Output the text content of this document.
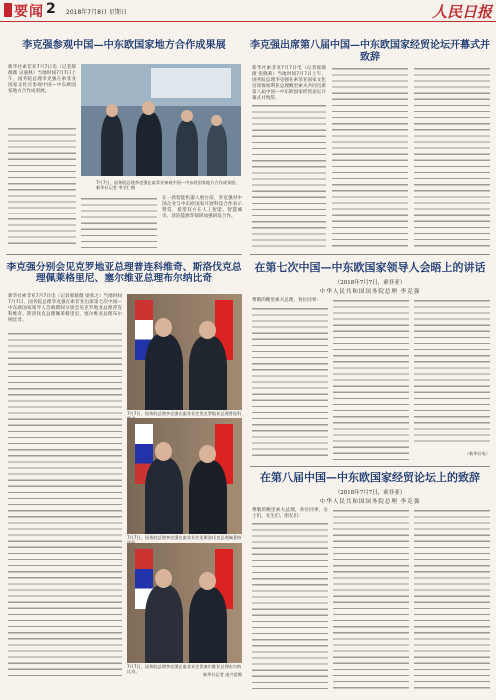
要闻 2 2018年7月8日 星期日	人民日报
李克强参观中国—中东欧国家地方合作成果展
新华社索非亚7月7日电（记者郝薇薇 吴嘉林）当地时间7月7日上午，国务院总理李克强在索菲亚国家文化宫参观中国—中东欧国家地方合作成果展。
7月7日，国务院总理李克强在索菲亚参观中国—中东欧国家地方合作成果展。 新华社记者 李学仁摄
在一款智能机器人展台前，李克强对中国企业与中东欧国家开展科技合作表示赞赏，希望双方在人工智能、智慧城市、清洁能源等领域加强研发合作。
李克强出席第八届中国—中东欧国家经贸论坛开幕式并致辞
新华社索非亚7月7日电（记者郝薇薇 张晓莉）当地时间7月7日上午，国务院总理李克强在索菲亚国家文化宫同保加利亚总理鲍里索夫共同出席第八届中国—中东欧国家经贸论坛开幕式并致辞。
李克强分别会见克罗地亚总理普连科维奇、斯洛伐克总理佩莱格里尼、塞尔维亚总理布尔纳比奇
新华社索非亚7月7日电（记者郝薇薇 梁希之）当地时间7月7日，国务院总理李克强在索非亚出席第七次中国—中东欧国家领导人会晤期间分别会见克罗地亚总理普连科维奇、斯洛伐克总理佩莱格里尼、塞尔维亚总理布尔纳比奇。
7月7日，国务院总理李克强在索非亚会见克罗地亚总理普连科
7月7日，国务院总理李克强在索非亚会见斯洛伐克总理佩莱格
7月7日，国务院总理李克强在索非亚会见塞尔维亚总理布尔纳比奇。
新华社记者 庞兴雷摄
在第七次中国—中东欧国家领导人会晤上的讲话
（2018年7月7日，索非亚）
中华人民共和国国务院总理 李克强
尊敬的鲍里索夫总理，各位同事：
（新华社电）
在第八届中国—中东欧国家经贸论坛上的致辞
（2018年7月7日，索非亚）
中华人民共和国国务院总理 李克强
尊敬的鲍里索夫总理，各位同事，女士们，先生们，朋友们：
